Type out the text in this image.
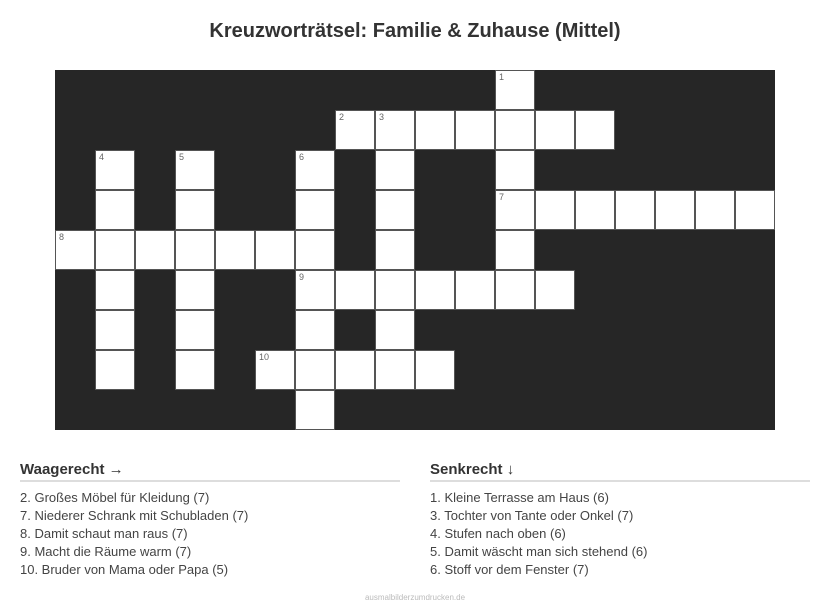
Kreuzworträtsel: Familie & Zuhause (Mittel)
1
2	3
4	5	6
7
8
9
10
Waagerecht →
2. Großes Möbel für Kleidung (7)
7. Niederer Schrank mit Schubladen (7)
8. Damit schaut man raus (7)
9. Macht die Räume warm (7)
10. Bruder von Mama oder Papa (5)
Senkrecht ↓
1. Kleine Terrasse am Haus (6)
3. Tochter von Tante oder Onkel (7)
4. Stufen nach oben (6)
5. Damit wäscht man sich stehend (6)
6. Stoff vor dem Fenster (7)
ausmalbilderzumdrucken.de
